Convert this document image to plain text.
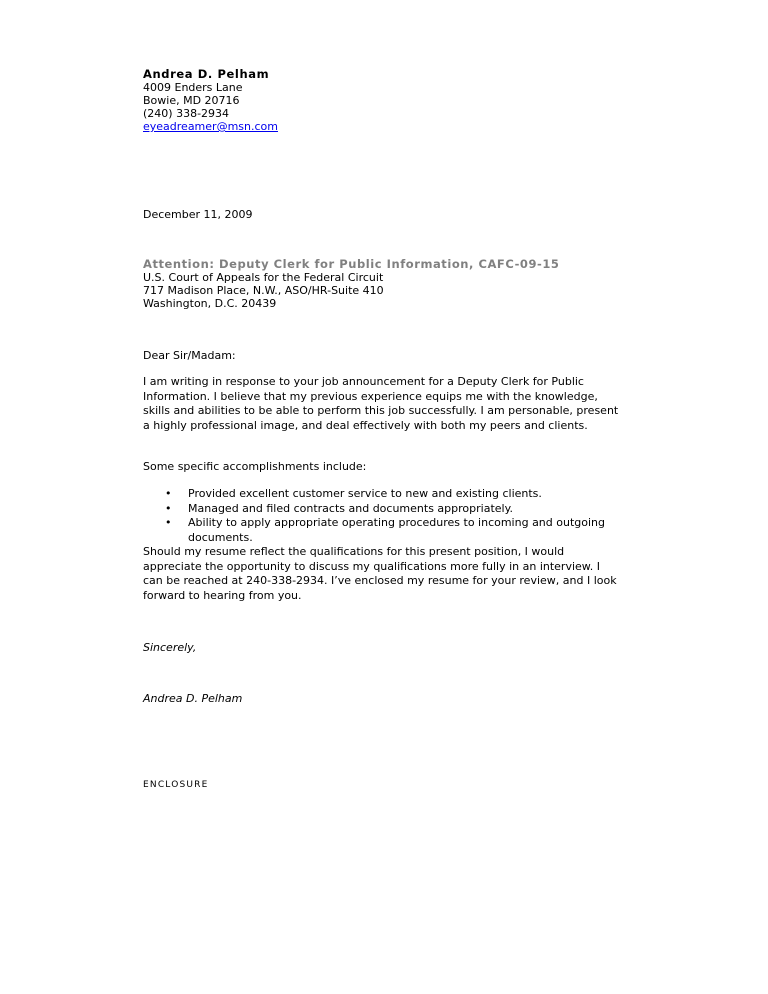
Andrea D. Pelham
4009 Enders Lane
Bowie, MD 20716
(240) 338-2934
eyeadreamer@msn.com
December 11, 2009
Attention: Deputy Clerk for Public Information, CAFC-09-15
U.S. Court of Appeals for the Federal Circuit
717 Madison Place, N.W., ASO/HR-Suite 410
Washington, D.C. 20439
Dear Sir/Madam:
I am writing in response to your job announcement for a Deputy Clerk for Public Information. I believe that my previous experience equips me with the knowledge, skills and abilities to be able to perform this job successfully. I am personable, present a highly professional image, and deal effectively with both my peers and clients.
Some specific accomplishments include:
• Provided excellent customer service to new and existing clients.
• Managed and filed contracts and documents appropriately.
• Ability to apply appropriate operating procedures to incoming and outgoing documents.
Should my resume reflect the qualifications for this present position, I would appreciate the opportunity to discuss my qualifications more fully in an interview. I can be reached at 240-338-2934. I’ve enclosed my resume for your review, and I look forward to hearing from you.
Sincerely,
Andrea D. Pelham
ENCLOSURE
